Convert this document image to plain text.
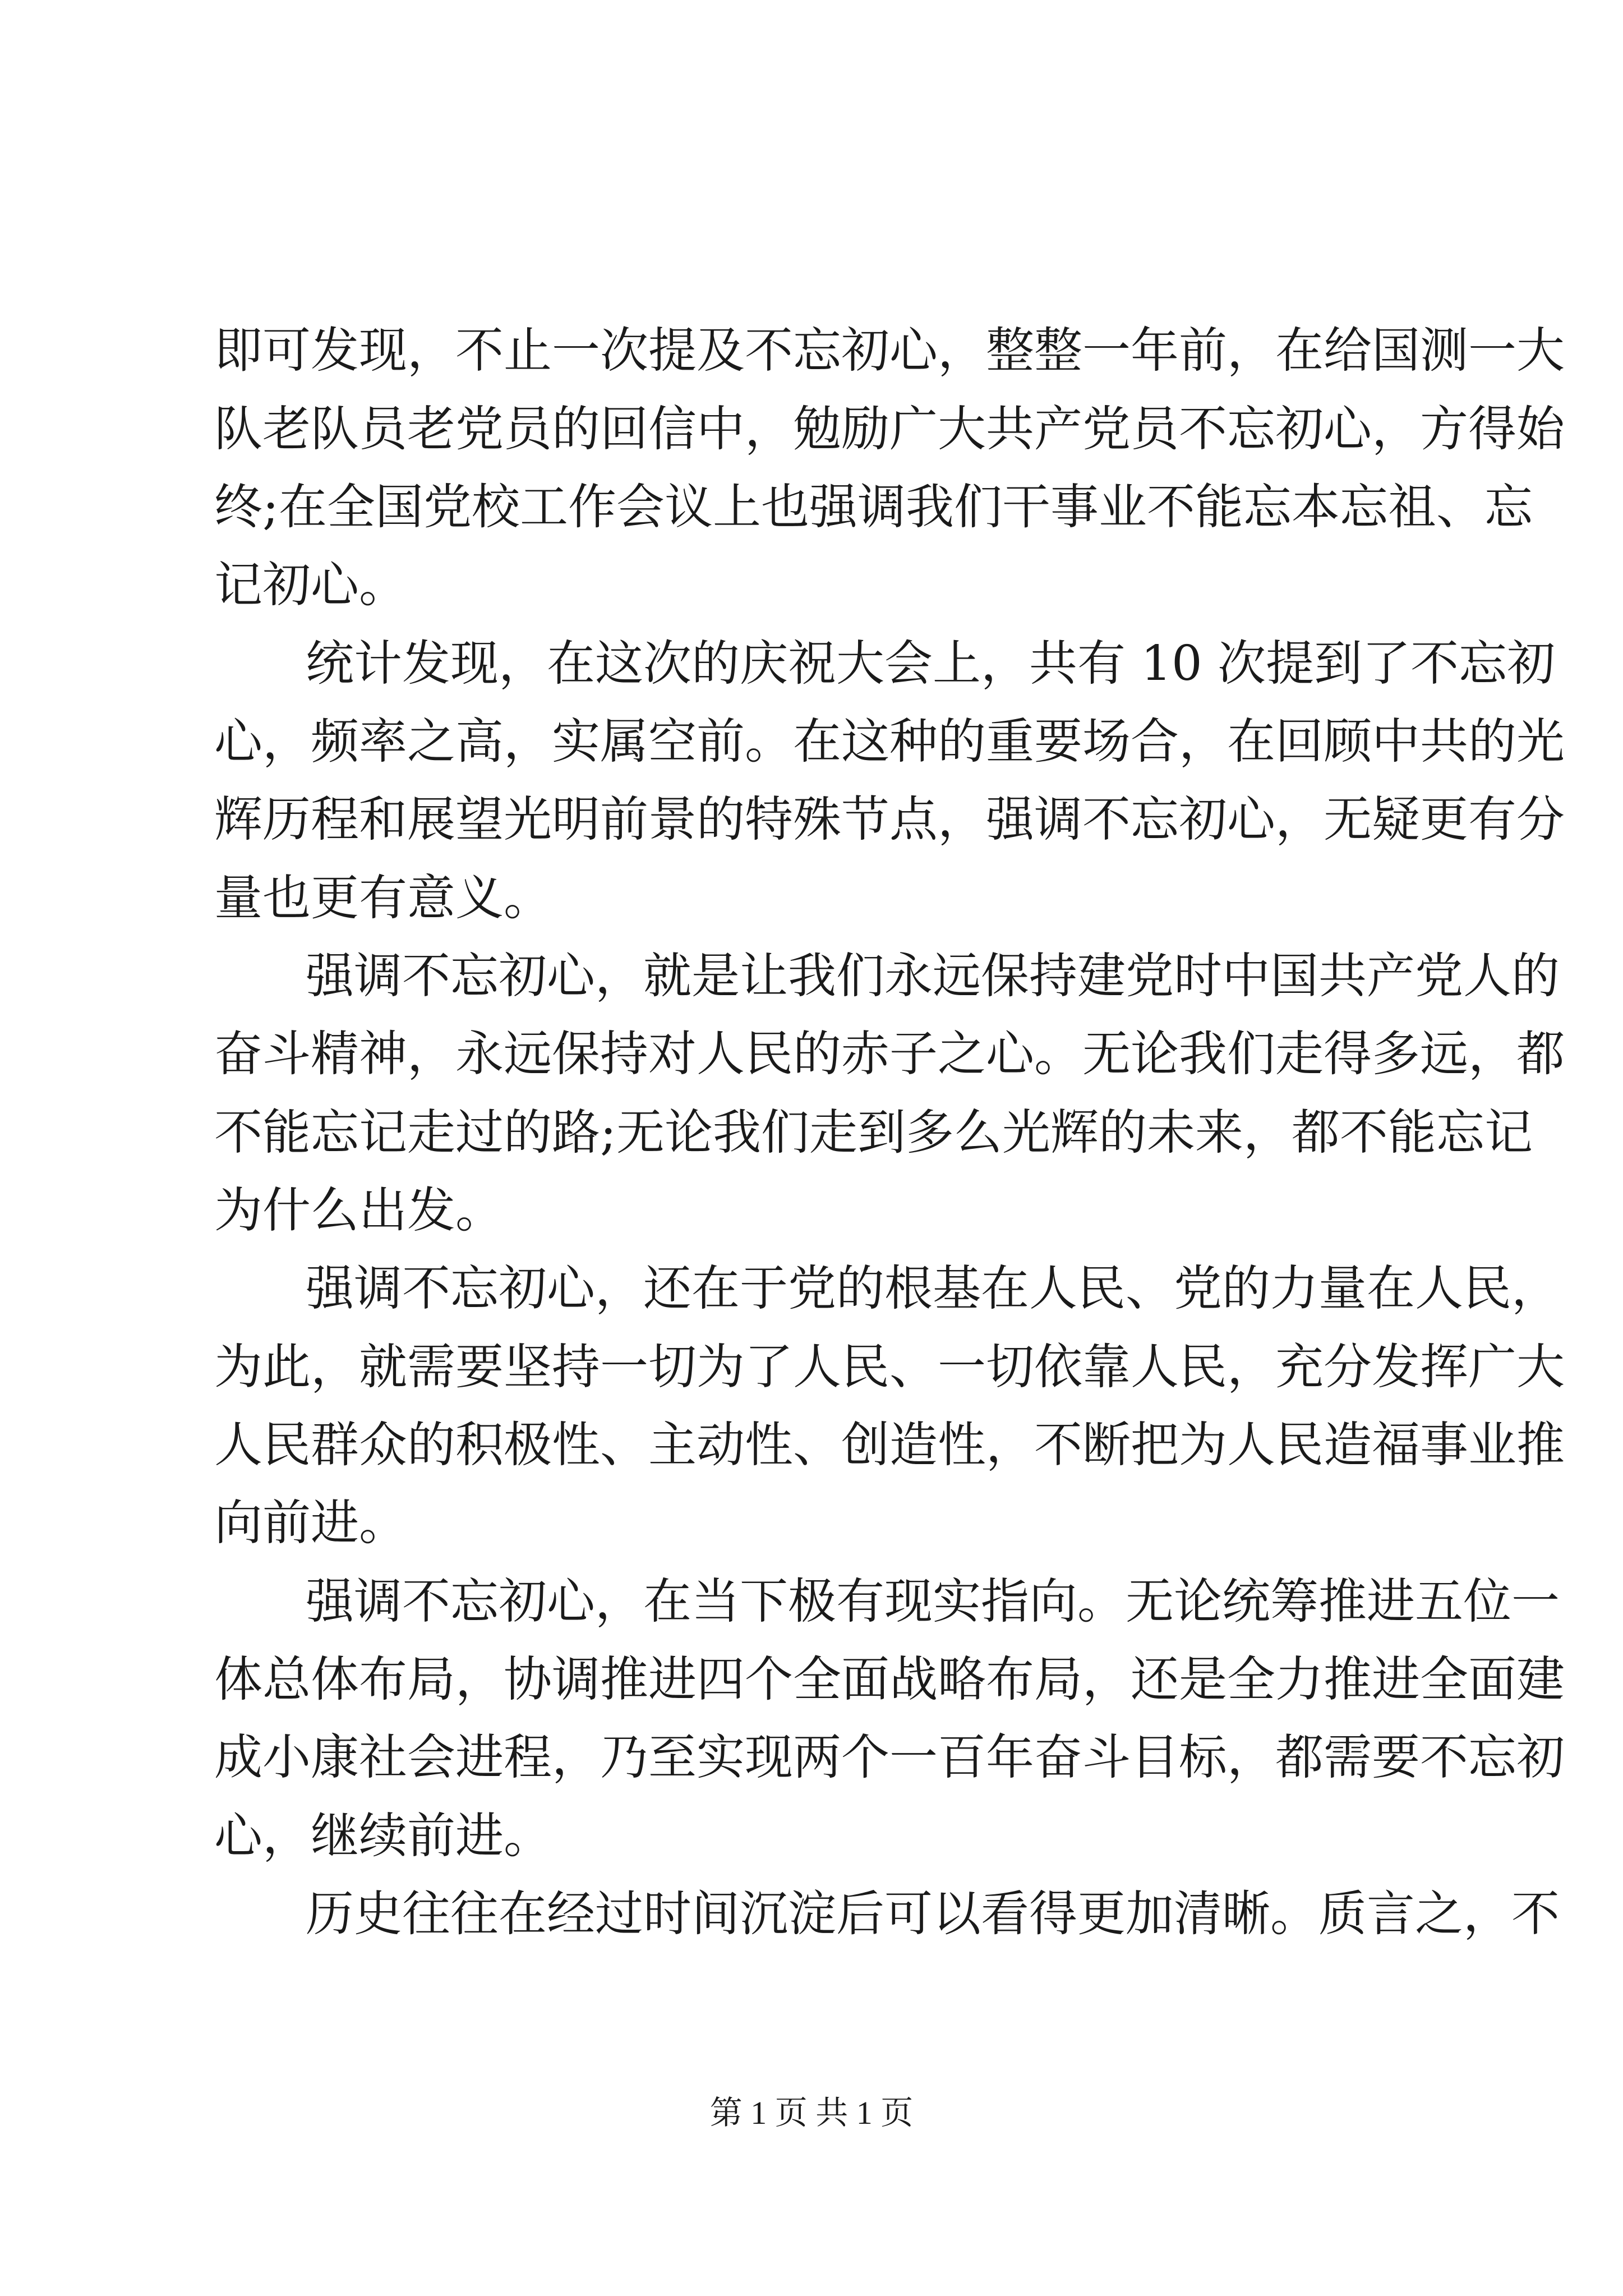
即可发现，不止一次提及不忘初心，整整一年前，在给国测一大
队老队员老党员的回信中，勉励广大共产党员不忘初心，方得始
终;在全国党校工作会议上也强调我们干事业不能忘本忘祖、忘
记初心。
统计发现，在这次的庆祝大会上，共有 10 次提到了不忘初
心，频率之高，实属空前。在这种的重要场合，在回顾中共的光
辉历程和展望光明前景的特殊节点，强调不忘初心，无疑更有分
量也更有意义。
强调不忘初心，就是让我们永远保持建党时中国共产党人的
奋斗精神，永远保持对人民的赤子之心。无论我们走得多远，都
不能忘记走过的路;无论我们走到多么光辉的未来，都不能忘记
为什么出发。
强调不忘初心，还在于党的根基在人民、党的力量在人民，
为此，就需要坚持一切为了人民、一切依靠人民，充分发挥广大
人民群众的积极性、主动性、创造性，不断把为人民造福事业推
向前进。
强调不忘初心，在当下极有现实指向。无论统筹推进五位一
体总体布局，协调推进四个全面战略布局，还是全力推进全面建
成小康社会进程，乃至实现两个一百年奋斗目标，都需要不忘初
心，继续前进。
历史往往在经过时间沉淀后可以看得更加清晰。质言之，不
第 1 页 共 1 页
